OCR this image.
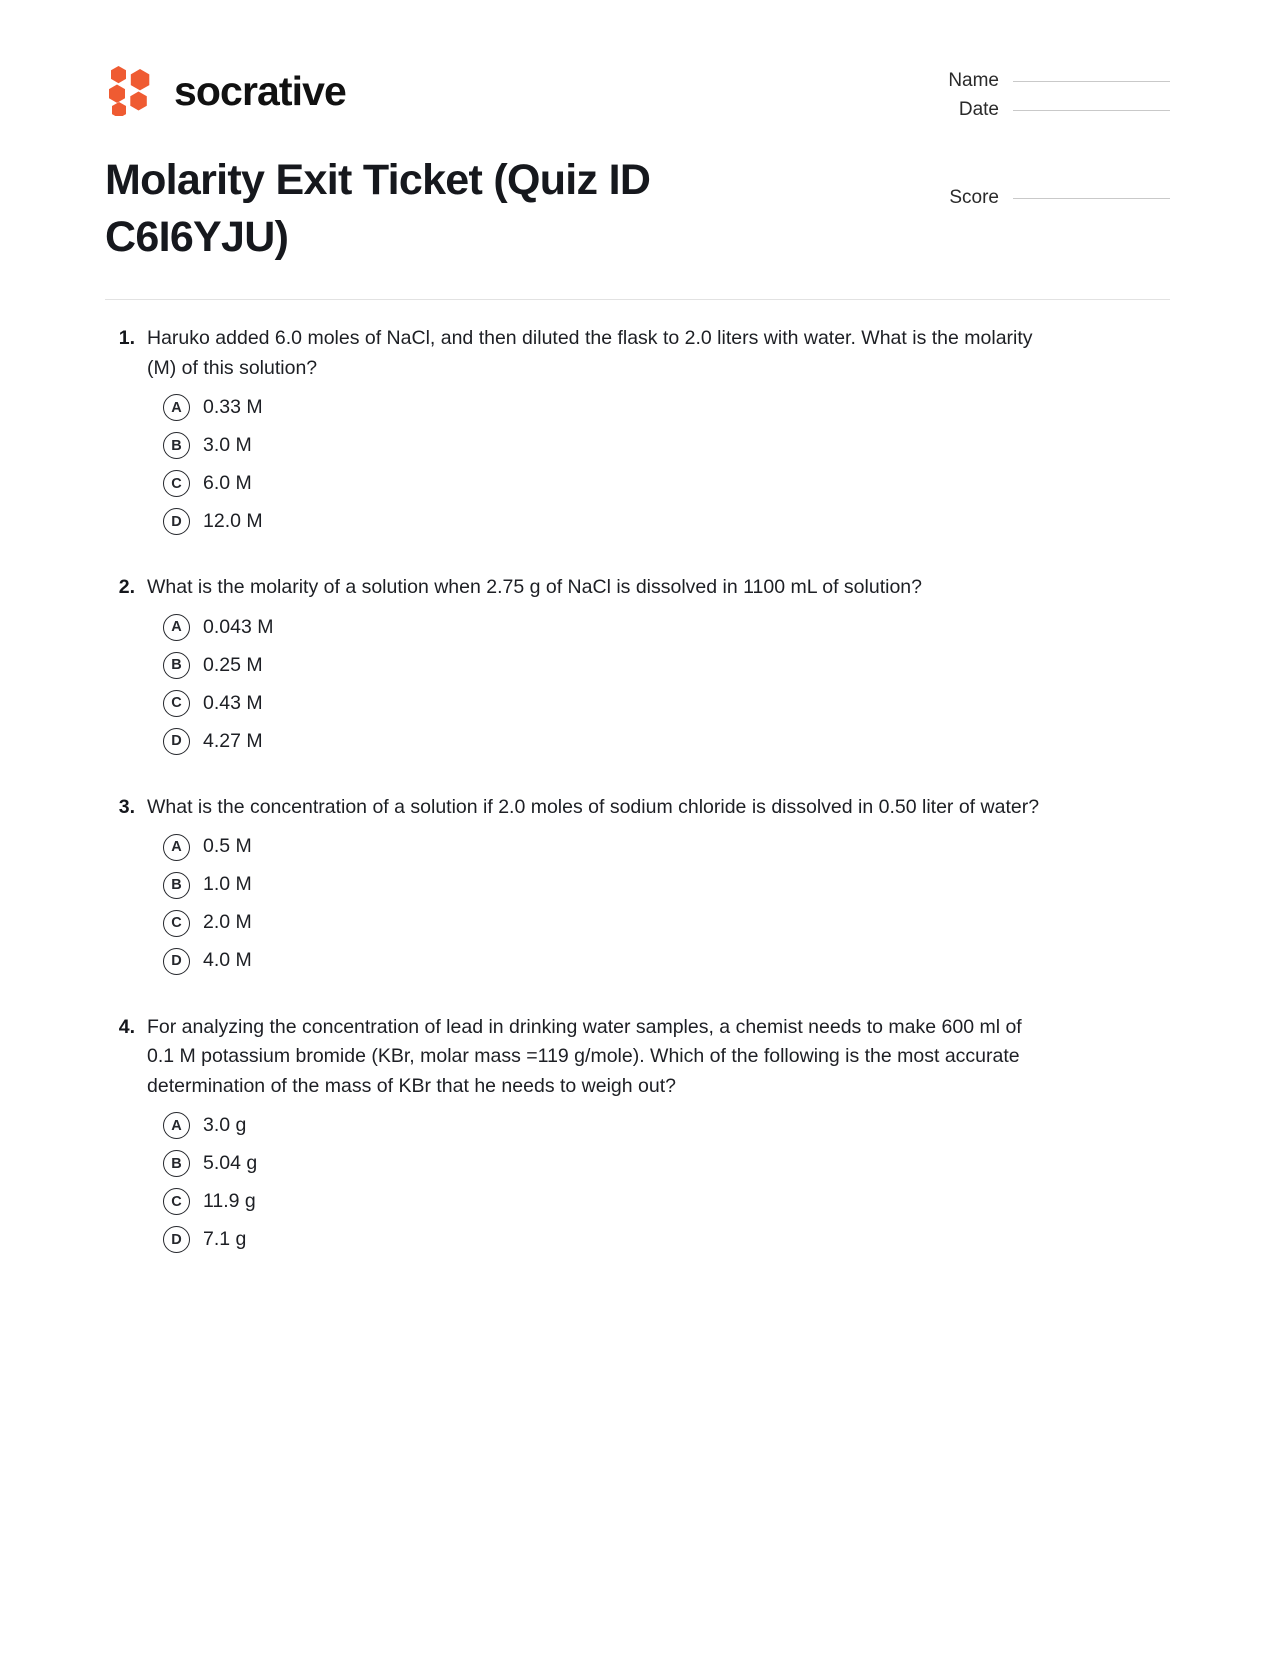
socrative	Name
Date
Score
Molarity Exit Ticket (Quiz ID C6I6YJU)
1. Haruko added 6.0 moles of NaCl, and then diluted the flask to 2.0 liters with water. What is the molarity (M) of this solution?
A	0.33 M
B	3.0 M
C	6.0 M
D	12.0 M
2. What is the molarity of a solution when 2.75 g of NaCl is dissolved in 1100 mL of solution?
A	0.043 M
B	0.25 M
C	0.43 M
D	4.27 M
3. What is the concentration of a solution if 2.0 moles of sodium chloride is dissolved in 0.50 liter of water?
A	0.5 M
B	1.0 M
C	2.0 M
D	4.0 M
4. For analyzing the concentration of lead in drinking water samples, a chemist needs to make 600 ml of 0.1 M potassium bromide (KBr, molar mass =119 g/mole). Which of the following is the most accurate determination of the mass of KBr that he needs to weigh out?
A	3.0 g
B	5.04 g
C	11.9 g
D	7.1 g
